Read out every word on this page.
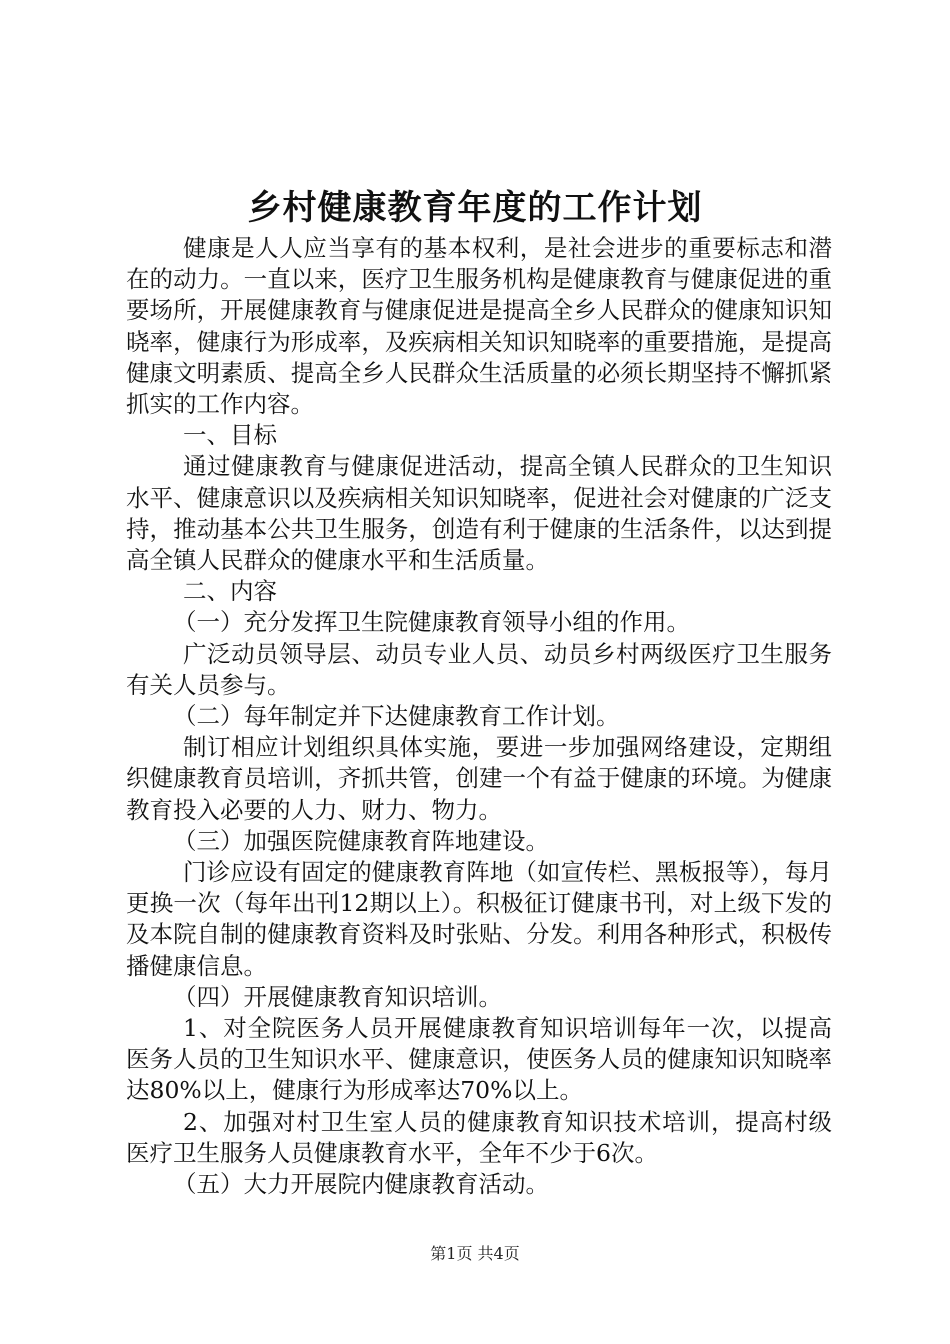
乡村健康教育年度的工作计划

健康是人人应当享有的基本权利，是社会进步的重要标志和潜在的动力。一直以来，医疗卫生服务机构是健康教育与健康促进的重要场所，开展健康教育与健康促进是提高全乡人民群众的健康知识知晓率，健康行为形成率，及疾病相关知识知晓率的重要措施，是提高健康文明素质、提高全乡人民群众生活质量的必须长期坚持不懈抓紧抓实的工作内容。

一、目标

通过健康教育与健康促进活动，提高全镇人民群众的卫生知识水平、健康意识以及疾病相关知识知晓率，促进社会对健康的广泛支持，推动基本公共卫生服务，创造有利于健康的生活条件，以达到提高全镇人民群众的健康水平和生活质量。

二、内容

（一）充分发挥卫生院健康教育领导小组的作用。

广泛动员领导层、动员专业人员、动员乡村两级医疗卫生服务有关人员参与。

（二）每年制定并下达健康教育工作计划。

制订相应计划组织具体实施，要进一步加强网络建设，定期组织健康教育员培训，齐抓共管，创建一个有益于健康的环境。为健康教育投入必要的人力、财力、物力。

（三）加强医院健康教育阵地建设。

门诊应设有固定的健康教育阵地（如宣传栏、黑板报等），每月更换一次（每年出刊12期以上）。积极征订健康书刊，对上级下发的及本院自制的健康教育资料及时张贴、分发。利用各种形式，积极传播健康信息。

（四）开展健康教育知识培训。

1、对全院医务人员开展健康教育知识培训每年一次，以提高医务人员的卫生知识水平、健康意识，使医务人员的健康知识知晓率达80%以上，健康行为形成率达70%以上。

2、加强对村卫生室人员的健康教育知识技术培训，提高村级医疗卫生服务人员健康教育水平，全年不少于6次。

（五）大力开展院内健康教育活动。

第1页 共4页
